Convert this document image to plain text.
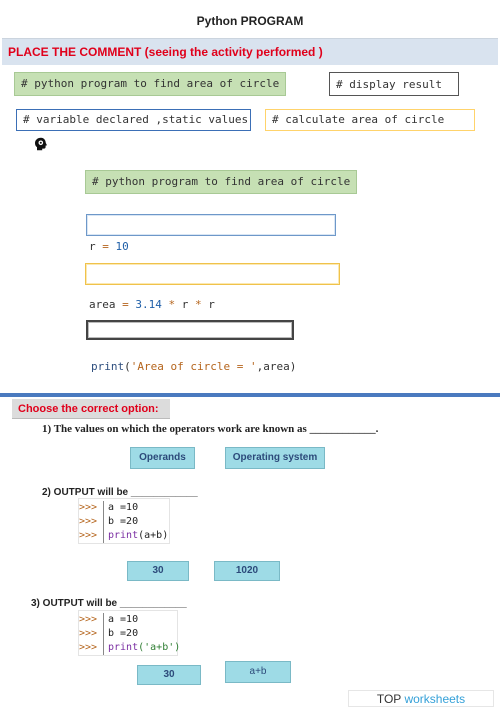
Python PROGRAM
PLACE THE COMMENT (seeing the activity performed )
# python program to find area of circle	# display result
# variable declared ,static values	# calculate area of circle
# python program to find area of circle
r = 10
area = 3.14 * r * r
print('Area of circle = ',area)
Choose the correct option:
1) The values on which the operators work are known as ____________.
Operands	Operating system
2) OUTPUT will be ____________
>>> a =10
>>> b =20
>>> print(a+b)
30	1020
3) OUTPUT will be ____________
>>> a =10
>>> b =20
>>> print('a+b')
30	a+b
TOP worksheets
